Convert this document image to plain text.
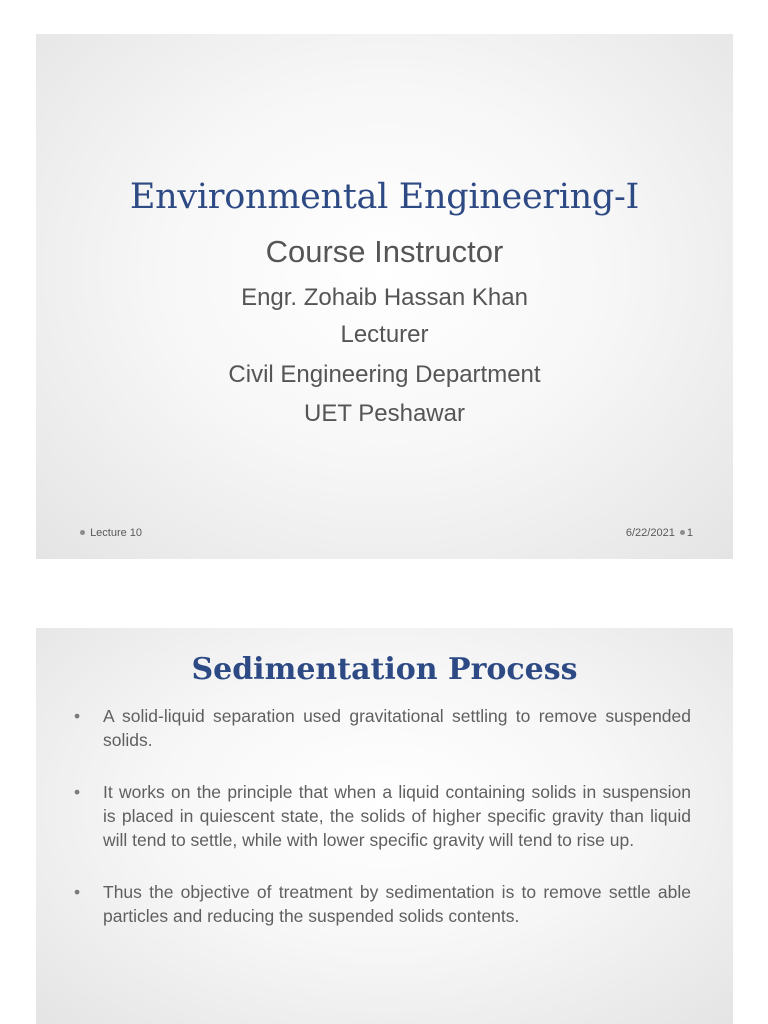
Environmental Engineering-I
Course Instructor
Engr. Zohaib Hassan Khan
Lecturer
Civil Engineering Department
UET Peshawar
Lecture 10	6/22/2021 1
Sedimentation Process
• A solid-liquid separation used gravitational settling to remove suspended solids.
• It works on the principle that when a liquid containing solids in suspension is placed in quiescent state, the solids of higher specific gravity than liquid will tend to settle, while with lower specific gravity will tend to rise up.
• Thus the objective of treatment by sedimentation is to remove settle able particles and reducing the suspended solids contents.
